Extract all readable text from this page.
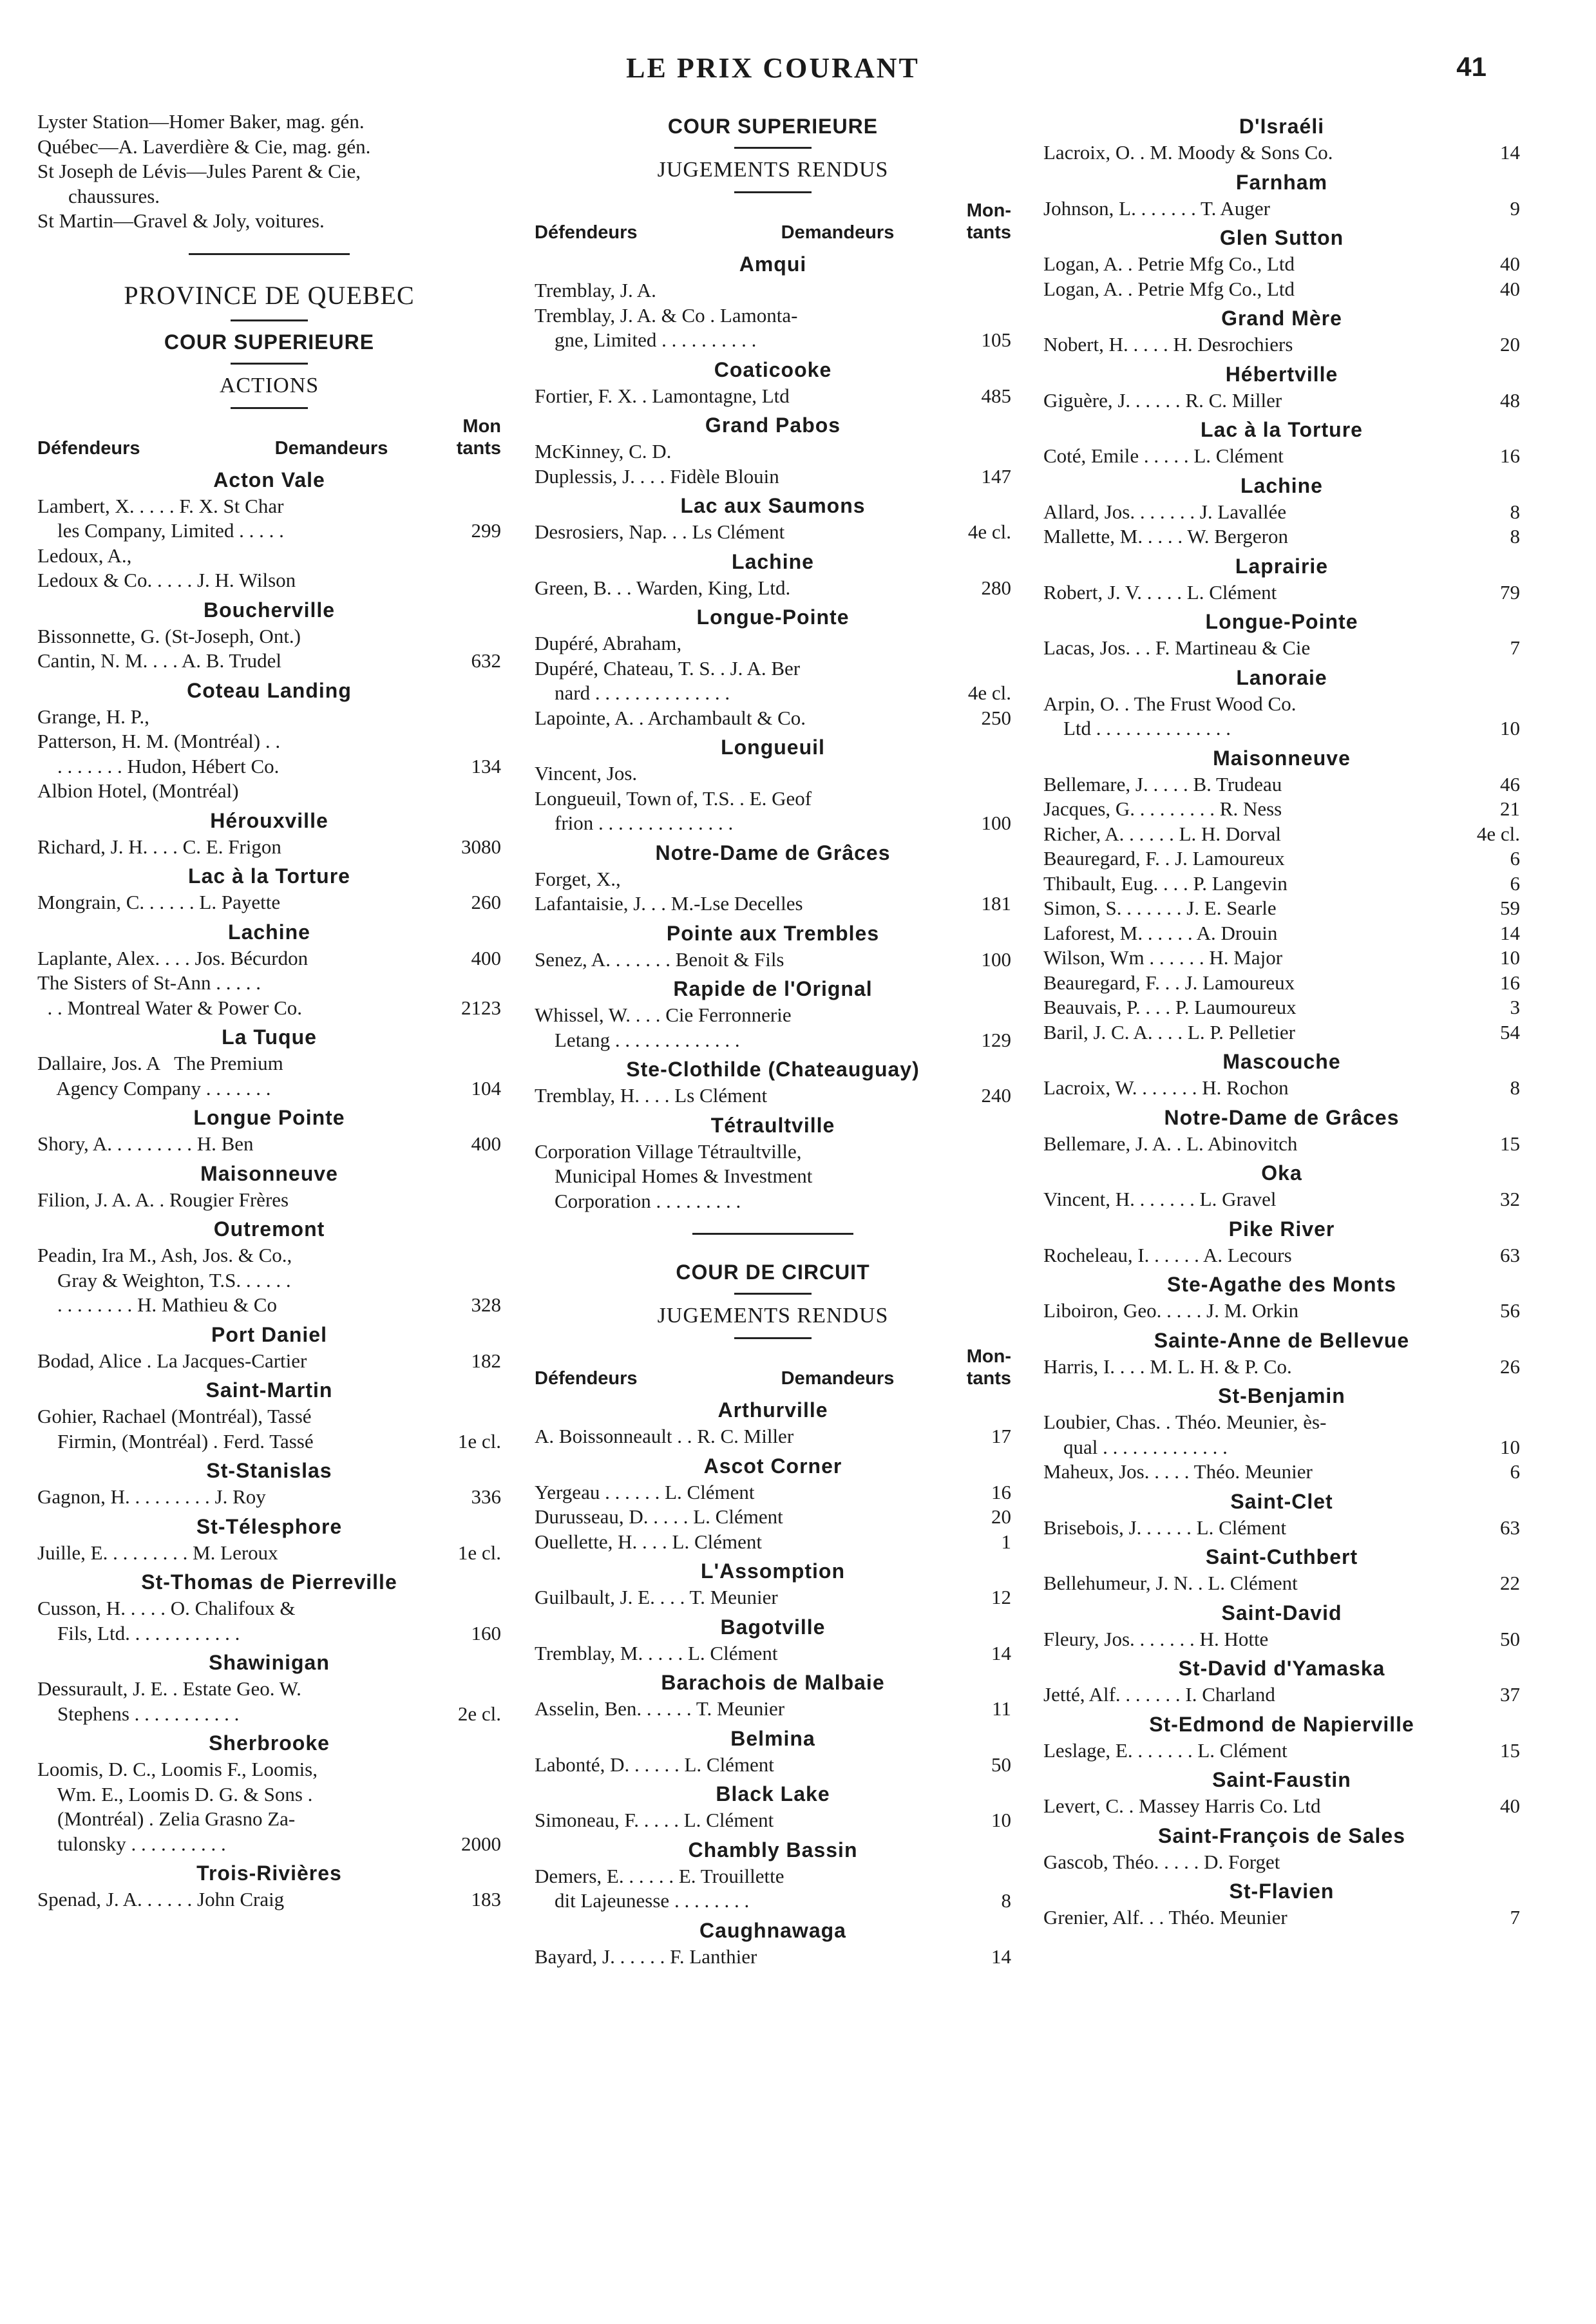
LE PRIX COURANT	41
Lyster Station—Homer Baker, mag. gén.
Québec—A. Laverdière & Cie, mag. gén.
St Joseph de Lévis—Jules Parent & Cie,
chaussures.
St Martin—Gravel & Joly, voitures.
PROVINCE DE QUEBEC
COUR SUPERIEURE
ACTIONS
Défendeurs	Demandeurs
Mon tants
Acton Vale
Lambert, X. . . . . F. X. St Char
les Company, Limited . . . . .	299
Ledoux, A.,
Ledoux & Co. . . . . J. H. Wilson
Boucherville
Bissonnette, G. (St-Joseph, Ont.)
Cantin, N. M. . . . A. B. Trudel	632
Coteau Landing
Grange, H. P.,
Patterson, H. M. (Montréal) . .
. . . . . . . Hudon, Hébert Co.	134
Albion Hotel, (Montréal)
Hérouxville
Richard, J. H. . . . C. E. Frigon	3080
Lac à la Torture
Mongrain, C. . . . . . L. Payette	260
Lachine
Laplante, Alex. . . . Jos. Bécurdon	400
The Sisters of St-Ann . . . . .
. . Montreal Water & Power Co.	2123
La Tuque
Dallaire, Jos. A   The Premium
Agency Company . . . . . . .	104
Longue Pointe
Shory, A. . . . . . . . . H. Ben	400
Maisonneuve
Filion, J. A. A. . Rougier Frères
Outremont
Peadin, Ira M., Ash, Jos. & Co.,
Gray & Weighton, T.S. . . . . .
. . . . . . . . H. Mathieu & Co	328
Port Daniel
Bodad, Alice . La Jacques-Cartier	182
Saint-Martin
Gohier, Rachael (Montréal), Tassé
Firmin, (Montréal) . Ferd. Tassé	1e cl.
St-Stanislas
Gagnon, H. . . . . . . . . J. Roy	336
St-Télesphore
Juille, E. . . . . . . . . M. Leroux	1e cl.
St-Thomas de Pierreville
Cusson, H. . . . . O. Chalifoux &
Fils, Ltd. . . . . . . . . . . .	160
Shawinigan
Dessurault, J. E. . Estate Geo. W.
Stephens . . . . . . . . . . .	2e cl.
Sherbrooke
Loomis, D. C., Loomis F., Loomis,
Wm. E., Loomis D. G. & Sons .
(Montréal) . Zelia Grasno Za-
tulonsky . . . . . . . . . .	2000
Trois-Rivières
Spenad, J. A. . . . . . John Craig	183
COUR SUPERIEURE
JUGEMENTS RENDUS
Défendeurs	Demandeurs
Mon-tants
Amqui
Tremblay, J. A.
Tremblay, J. A. & Co . Lamonta-
gne, Limited . . . . . . . . . .	105
Coaticooke
Fortier, F. X. . Lamontagne, Ltd	485
Grand Pabos
McKinney, C. D.
Duplessis, J. . . . Fidèle Blouin	147
Lac aux Saumons
Desrosiers, Nap. . . Ls Clément	4e cl.
Lachine
Green, B. . . Warden, King, Ltd.	280
Longue-Pointe
Dupéré, Abraham,
Dupéré, Chateau, T. S. . J. A. Ber
nard . . . . . . . . . . . . . .	4e cl.
Lapointe, A. . Archambault & Co.	250
Longueuil
Vincent, Jos.
Longueuil, Town of, T.S. . E. Geof
frion . . . . . . . . . . . . . .	100
Notre-Dame de Grâces
Forget, X.,
Lafantaisie, J. . . M.-Lse Decelles	181
Pointe aux Trembles
Senez, A. . . . . . . Benoit & Fils	100
Rapide de l'Orignal
Whissel, W. . . . Cie Ferronnerie
Letang . . . . . . . . . . . . .	129
Ste-Clothilde (Chateauguay)
Tremblay, H. . . . Ls Clément	240
Tétraultville
Corporation Village Tétraultville,
Municipal Homes & Investment
Corporation . . . . . . . . .
COUR DE CIRCUIT
JUGEMENTS RENDUS
Défendeurs	Demandeurs
Mon-tants
Arthurville
A. Boissonneault . . R. C. Miller	17
Ascot Corner
Yergeau . . . . . . L. Clément	16
Durusseau, D. . . . . L. Clément	20
Ouellette, H. . . . L. Clément	1
L'Assomption
Guilbault, J. E. . . . T. Meunier	12
Bagotville
Tremblay, M. . . . . L. Clément	14
Barachois de Malbaie
Asselin, Ben. . . . . . T. Meunier	11
Belmina
Labonté, D. . . . . . L. Clément	50
Black Lake
Simoneau, F. . . . . L. Clément	10
Chambly Bassin
Demers, E. . . . . . E. Trouillette
dit Lajeunesse . . . . . . . .	8
Caughnawaga
Bayard, J. . . . . . F. Lanthier	14
D'Israéli
Lacroix, O. . M. Moody & Sons Co.	14
Farnham
Johnson, L. . . . . . . T. Auger	9
Glen Sutton
Logan, A. . Petrie Mfg Co., Ltd	40
Logan, A. . Petrie Mfg Co., Ltd	40
Grand Mère
Nobert, H. . . . . H. Desrochiers	20
Hébertville
Giguère, J. . . . . . R. C. Miller	48
Lac à la Torture
Coté, Emile . . . . . L. Clément	16
Lachine
Allard, Jos. . . . . . . J. Lavallée	8
Mallette, M. . . . . W. Bergeron	8
Laprairie
Robert, J. V. . . . . L. Clément	79
Longue-Pointe
Lacas, Jos. . . F. Martineau & Cie	7
Lanoraie
Arpin, O. . The Frust Wood Co.
Ltd . . . . . . . . . . . . . .	10
Maisonneuve
Bellemare, J. . . . . B. Trudeau	46
Jacques, G. . . . . . . . . R. Ness	21
Richer, A. . . . . . L. H. Dorval	4e cl.
Beauregard, F. . J. Lamoureux	6
Thibault, Eug. . . . P. Langevin	6
Simon, S. . . . . . . J. E. Searle	59
Laforest, M. . . . . . A. Drouin	14
Wilson, Wm . . . . . . H. Major	10
Beauregard, F. . . J. Lamoureux	16
Beauvais, P. . . . P. Laumoureux	3
Baril, J. C. A. . . . L. P. Pelletier	54
Mascouche
Lacroix, W. . . . . . . H. Rochon	8
Notre-Dame de Grâces
Bellemare, J. A. . L. Abinovitch	15
Oka
Vincent, H. . . . . . . L. Gravel	32
Pike River
Rocheleau, I. . . . . . A. Lecours	63
Ste-Agathe des Monts
Liboiron, Geo. . . . . J. M. Orkin	56
Sainte-Anne de Bellevue
Harris, I. . . . M. L. H. & P. Co.	26
St-Benjamin
Loubier, Chas. . Théo. Meunier, ès-
qual . . . . . . . . . . . . .	10
Maheux, Jos. . . . . Théo. Meunier	6
Saint-Clet
Brisebois, J. . . . . . L. Clément	63
Saint-Cuthbert
Bellehumeur, J. N. . L. Clément	22
Saint-David
Fleury, Jos. . . . . . . H. Hotte	50
St-David d'Yamaska
Jetté, Alf. . . . . . . I. Charland	37
St-Edmond de Napierville
Leslage, E. . . . . . . L. Clément	15
Saint-Faustin
Levert, C. . Massey Harris Co. Ltd	40
Saint-François de Sales
Gascob, Théo. . . . . D. Forget
St-Flavien
Grenier, Alf. . . Théo. Meunier	7
